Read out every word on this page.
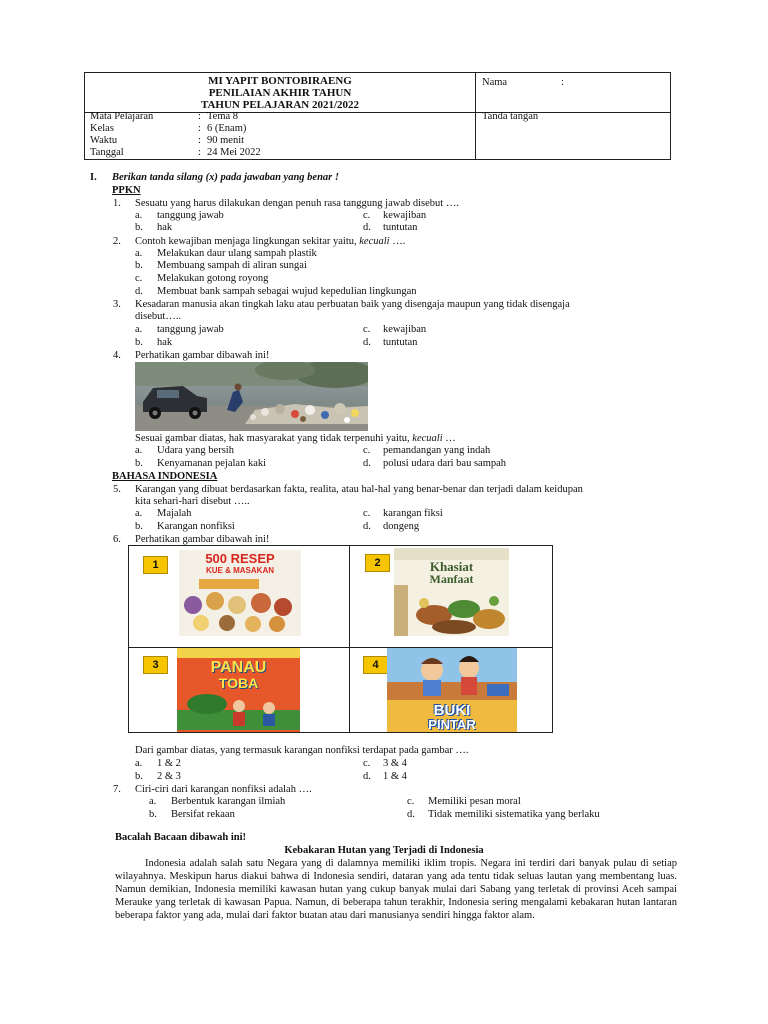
MI YAPIT BONTOBIRAENG
PENILAIAN AKHIR TAHUN
TAHUN PELAJARAN 2021/2022
Nama	:
Tanda tangan
Mata Pelajaran	: Tema 8
Kelas	: 6 (Enam)
Waktu	: 90 menit
Tanggal	: 24 Mei 2022
I. Berikan tanda silang (x) pada jawaban yang benar !
PPKN
1. Sesuatu yang harus dilakukan dengan penuh rasa tanggung jawab disebut ….
a. tanggung jawab	c. kewajiban
b. hak	d. tuntutan
2. Contoh kewajiban menjaga lingkungan sekitar yaitu, kecuali ….
a. Melakukan daur ulang sampah plastik
b. Membuang sampah di aliran sungai
c. Melakukan gotong royong
d. Membuat bank sampah sebagai wujud kepedulian lingkungan
3. Kesadaran manusia akan tingkah laku atau perbuatan baik yang disengaja maupun yang tidak disengaja
disebut…..
a. tanggung jawab	c. kewajiban
b. hak	d. tuntutan
4. Perhatikan gambar dibawah ini!
Sesuai gambar diatas, hak masyarakat yang tidak terpenuhi yaitu, kecuali …
a. Udara yang bersih	c. pemandangan yang indah
b. Kenyamanan pejalan kaki	d. polusi udara dari bau sampah
BAHASA INDONESIA
5. Karangan yang dibuat berdasarkan fakta, realita, atau hal-hal yang benar-benar dan terjadi dalam keidupan
kita sehari-hari disebut …..
a. Majalah	c. karangan fiksi
b. Karangan nonfiksi	d. dongeng
6. Perhatikan gambar dibawah ini!
1	500 RESEP
KUE & MASAKAN
2	Khasiat
Manfaat
3	PANAU
TOBA
4
BUKI
PINTAR
Dari gambar diatas, yang termasuk karangan nonfiksi terdapat pada gambar ….
a. 1 & 2	c. 3 & 4
b. 2 & 3	d. 1 & 4
7. Ciri-ciri dari karangan nonfiksi adalah ….
a. Berbentuk karangan ilmiah	c. Memiliki pesan moral
b. Bersifat rekaan	d. Tidak memiliki sistematika yang berlaku
Bacalah Bacaan dibawah ini!
Kebakaran Hutan yang Terjadi di Indonesia
Indonesia adalah salah satu Negara yang di dalamnya memiliki iklim tropis. Negara ini terdiri dari banyak pulau di setiap wilayahnya. Meskipun harus diakui bahwa di Indonesia sendiri, dataran yang ada tentu tidak seluas lautan yang membentang luas. Namun demikian, Indonesia memiliki kawasan hutan yang cukup banyak mulai dari Sabang yang terletak di provinsi Aceh sampai Merauke yang terletak di kawasan Papua. Namun, di beberapa tahun terakhir, Indonesia sering mengalami kebakaran hutan lantaran beberapa faktor yang ada, mulai dari faktor buatan atau dari manusianya sendiri hingga faktor alam.
